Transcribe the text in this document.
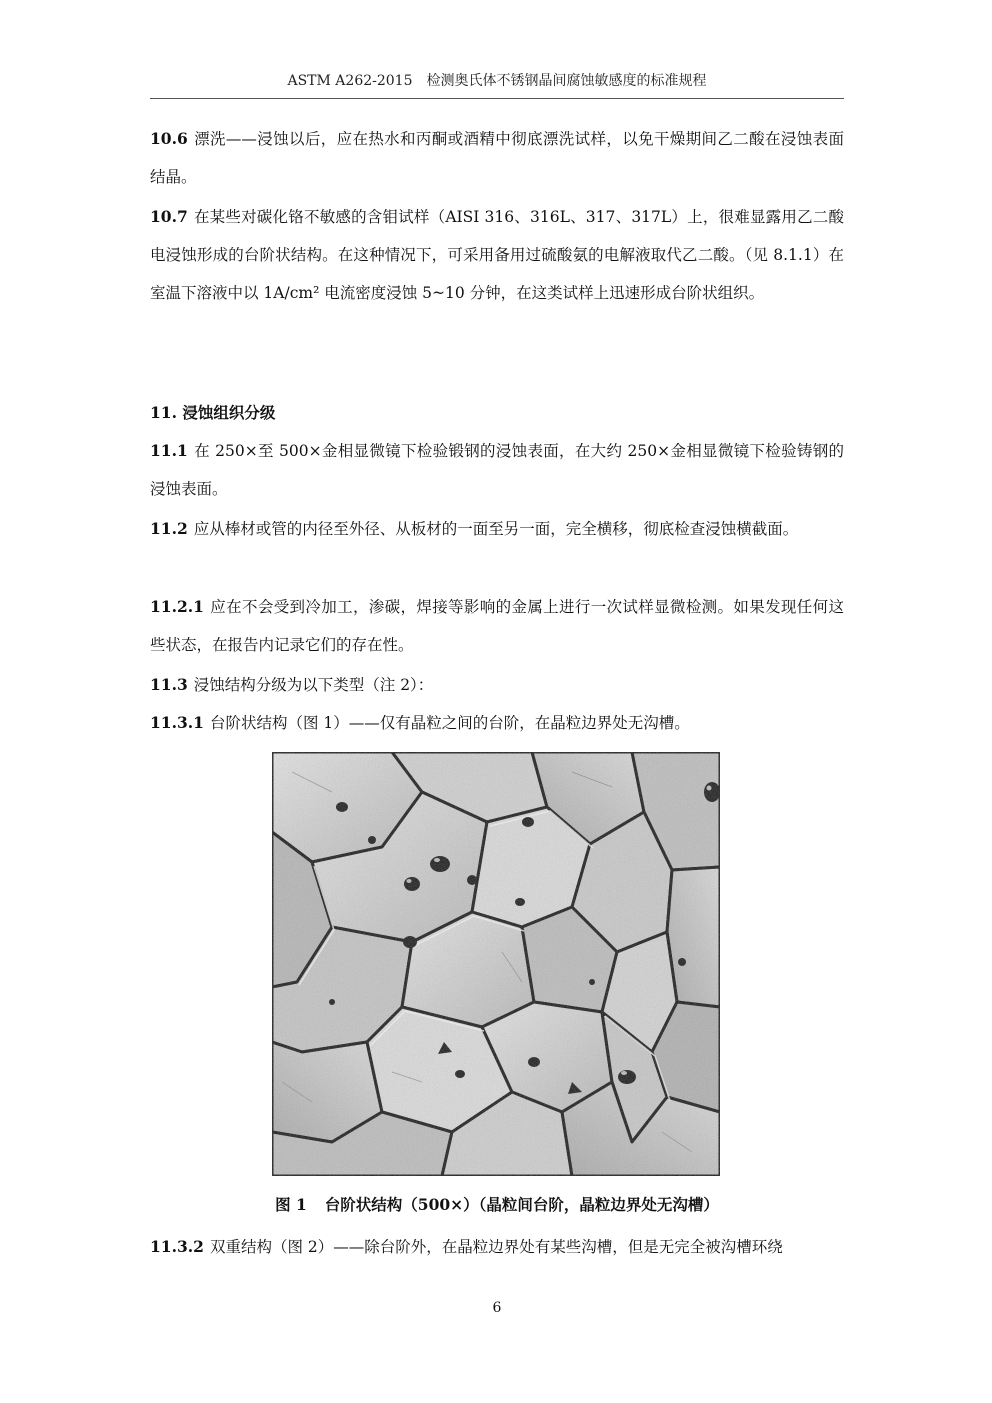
ASTM A262-2015　检测奥氏体不锈钢晶间腐蚀敏感度的标准规程
10.6 漂洗——浸蚀以后，应在热水和丙酮或酒精中彻底漂洗试样，以免干燥期间乙二酸在浸蚀表面结晶。
10.7 在某些对碳化铬不敏感的含钼试样（AISI 316、316L、317、317L）上，很难显露用乙二酸电浸蚀形成的台阶状结构。在这种情况下，可采用备用过硫酸氨的电解液取代乙二酸。（见 8.1.1）在室温下溶液中以 1A/cm² 电流密度浸蚀 5~10 分钟，在这类试样上迅速形成台阶状组织。
11. 浸蚀组织分级
11.1 在 250×至 500×金相显微镜下检验锻钢的浸蚀表面，在大约 250×金相显微镜下检验铸钢的浸蚀表面。
11.2 应从棒材或管的内径至外径、从板材的一面至另一面，完全横移，彻底检查浸蚀横截面。
11.2.1 应在不会受到冷加工，渗碳，焊接等影响的金属上进行一次试样显微检测。如果发现任何这些状态，在报告内记录它们的存在性。
11.3 浸蚀结构分级为以下类型（注 2）：
11.3.1 台阶状结构（图 1）——仅有晶粒之间的台阶，在晶粒边界处无沟槽。
图 1 台阶状结构（500×）（晶粒间台阶，晶粒边界处无沟槽）
11.3.2 双重结构（图 2）——除台阶外，在晶粒边界处有某些沟槽，但是无完全被沟槽环绕
6
